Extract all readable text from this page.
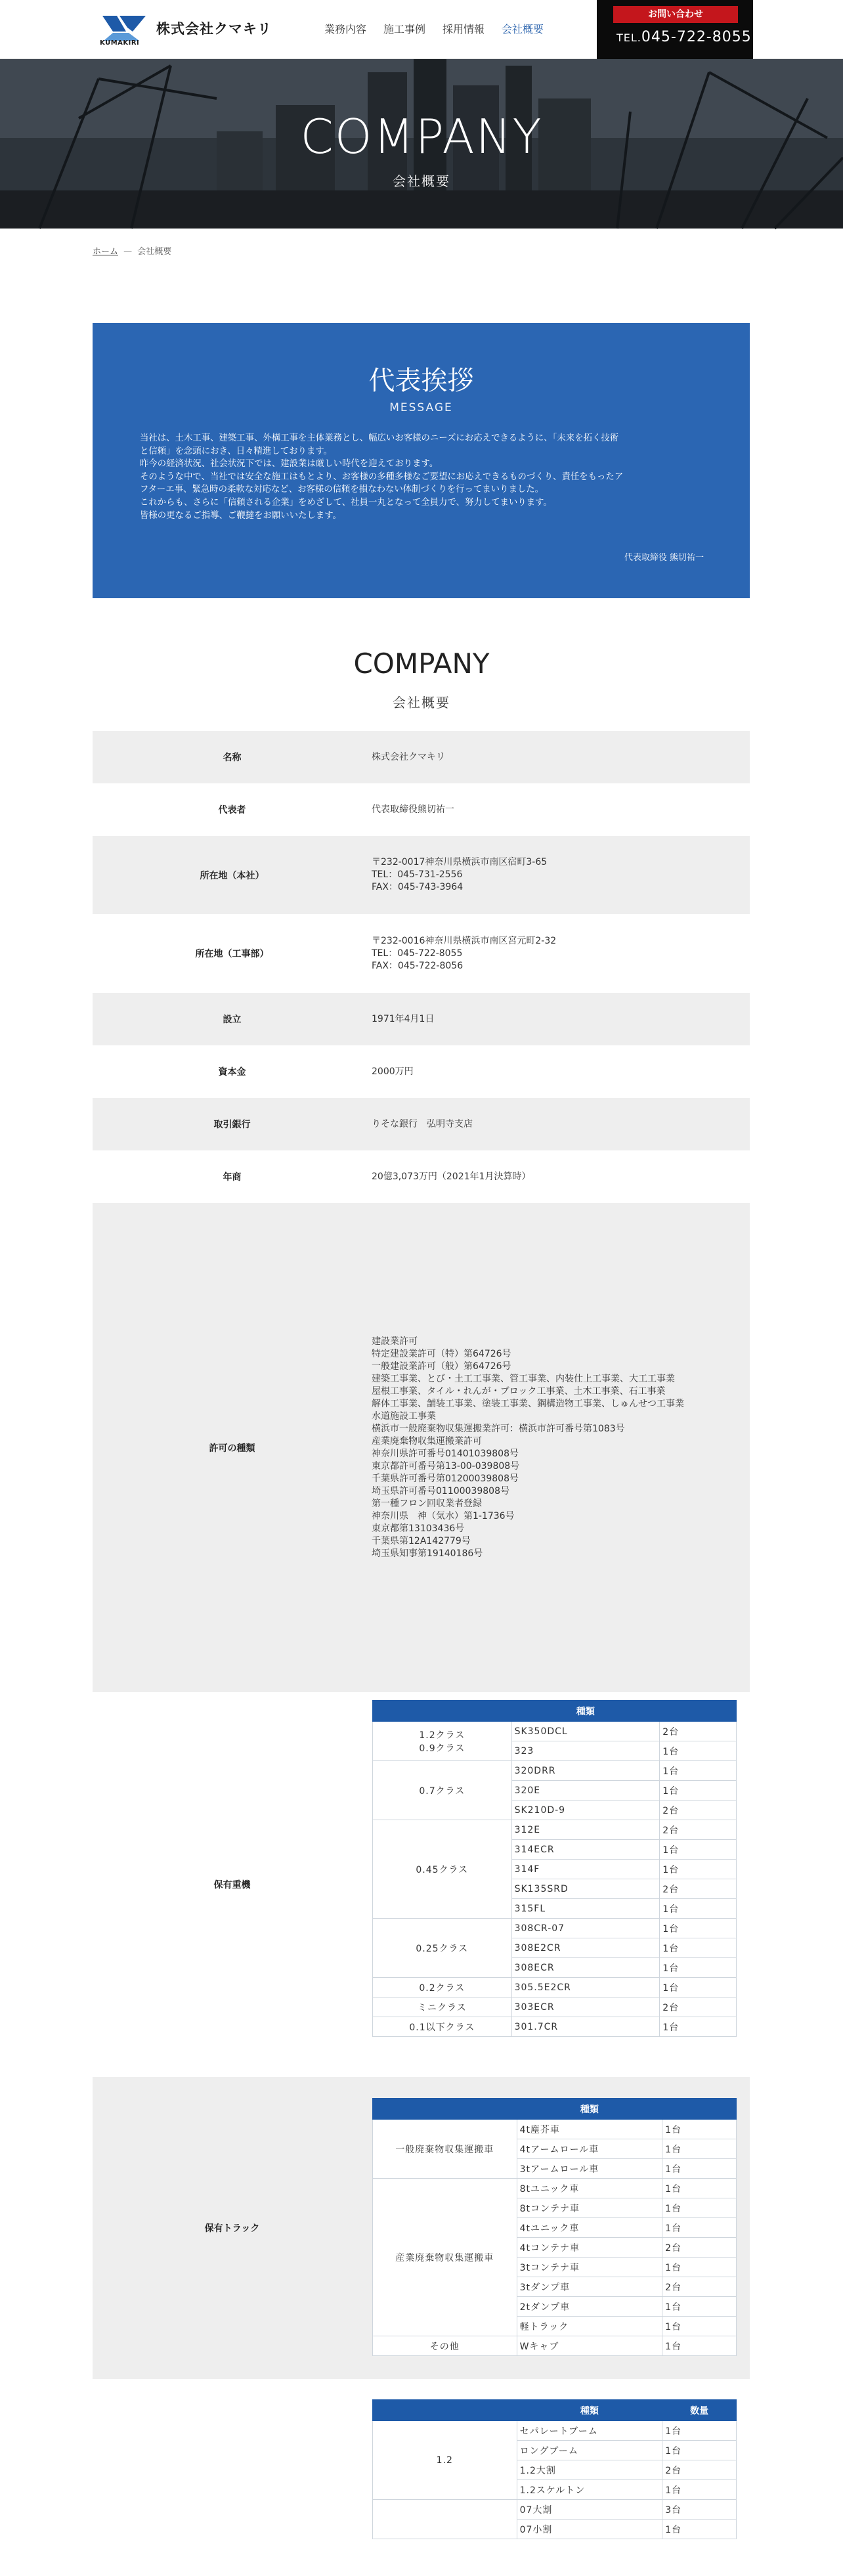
KUMAKIRI
株式会社クマキリ	業務内容 施工事例 採用情報 会社概要
お問い合わせ
TEL.045-722-8055
COMPANY
会社概要
ホーム — 会社概要
代表挨拶
MESSAGE
当社は、土木工事、建築工事、外構工事を主体業務とし、幅広いお客様のニーズにお応えできるように、「未来を拓く技術
と信頼」を念頭におき、日々精進しております。
昨今の経済状況、社会状況下では、建設業は厳しい時代を迎えております。
そのような中で、当社では安全な施工はもとより、お客様の多種多様なご要望にお応えできるものづくり、責任をもったア
フターエ事、緊急時の柔軟な対応など、お客様の信頼を損なわない体制づくりを行ってまいりました。
これからも、さらに「信頼される企業」をめざして、社員一丸となって全員力で、努力してまいります。
皆様の更なるご指導、ご鞭撻をお願いいたします。
代表取締役 熊切祐一
COMPANY
会社概要
名称	株式会社クマキリ
代表者	代表取締役熊切祐一
所在地（本社）
〒232‐0017神奈川県横浜市南区宿町3‐65
TEL：045‐731‐2556
FAX：045‐743‐3964
所在地（工事部）
〒232‐0016神奈川県横浜市南区宮元町2‐32
TEL：045‐722‐8055
FAX：045‐722‐8056
設立	1971年4月1日
資本金	2000万円
取引銀行	りそな銀行　弘明寺支店
年商	20億3,073万円（2021年1月決算時）
許可の種類
建設業許可
特定建設業許可（特）第64726号
一般建設業許可（般）第64726号
建築工事業、とび・土工工事業、管工事業、内装仕上工事業、大工工事業
屋根工事業、タイル・れんが・ブロック工事業、土木工事業、石工事業
解体工事業、舗装工事業、塗装工事業、鋼構造物工事業、しゅんせつ工事業
水道施設工事業
横浜市一般廃棄物収集運搬業許可：横浜市許可番号第1083号
産業廃棄物収集運搬業許可
神奈川県許可番号01401039808号
東京都許可番号第13‐00‐039808号
千葉県許可番号第01200039808号
埼玉県許可番号01100039808号
第一種フロン回収業者登録
神奈川県　神（気水）第1‐1736号
東京都第13103436号
千葉県第12A142779号
埼玉県知事第19140186号
保有重機
	種類	
1.2クラス
0.9クラス	SK350DCL	2台
	323	1台
0.7クラス	320DRR	1台
	320E	1台
	SK210D-9	2台
0.45クラス	312E	2台
	314ECR	1台
	314F	1台
	SK135SRD	2台
	315FL	1台
0.25クラス	308CR-07	1台
	308E2CR	1台
	308ECR	1台
0.2クラス	305.5E2CR	1台
ミニクラス	303ECR	2台
0.1以下クラス	301.7CR	1台
保有トラック
	種類	
一般廃棄物収集運搬車	4t塵芥車	1台
	4tアームロール車	1台
	3tアームロール車	1台
産業廃棄物収集運搬車	8tユニック車	1台
	8tコンテナ車	1台
	4tユニック車	1台
	4tコンテナ車	2台
	3tコンテナ車	1台
	3tダンプ車	2台
	2tダンプ車	1台
	軽トラック	1台
その他	Wキャブ	1台
	種類	数量
1.2	セパレートブーム	1台
	ロングブーム	1台
	1.2大割	2台
	1.2スケルトン	1台
	07大割	3台
	07小割	1台
